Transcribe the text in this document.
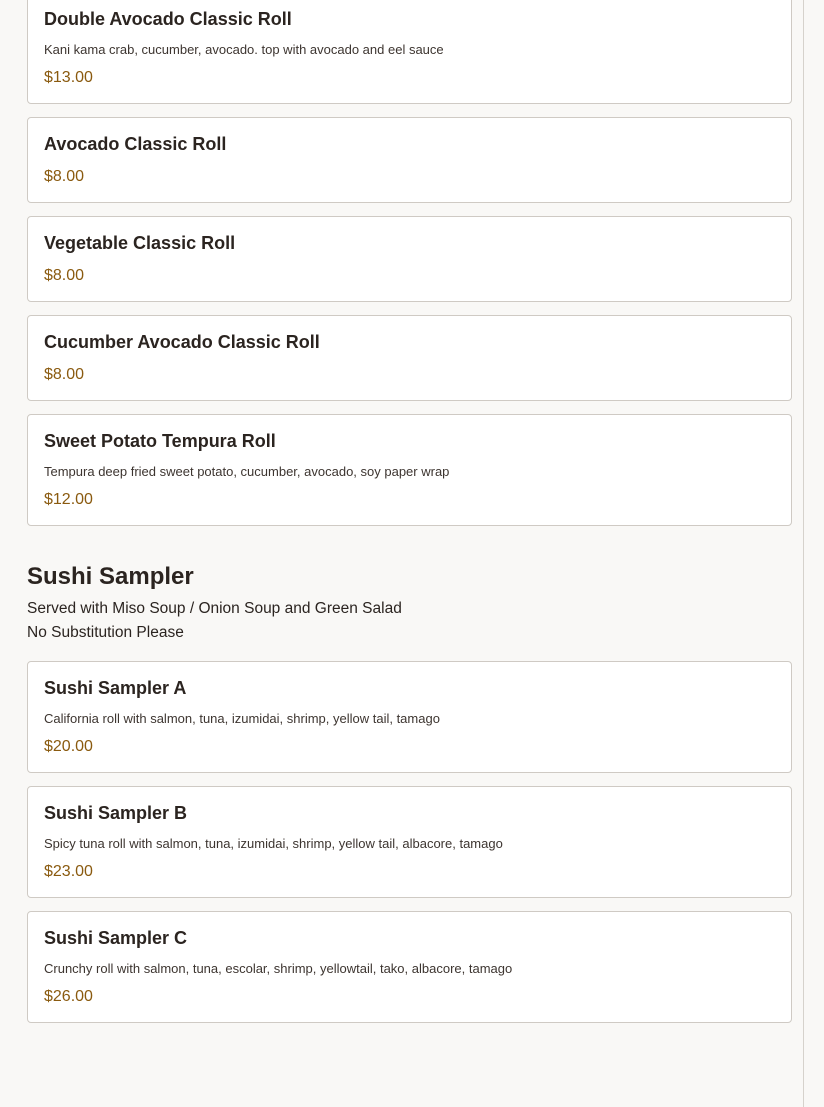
Double Avocado Classic Roll
Kani kama crab, cucumber, avocado. top with avocado and eel sauce
$13.00
Avocado Classic Roll
$8.00
Vegetable Classic Roll
$8.00
Cucumber Avocado Classic Roll
$8.00
Sweet Potato Tempura Roll
Tempura deep fried sweet potato, cucumber, avocado, soy paper wrap
$12.00
Sushi Sampler
Served with Miso Soup / Onion Soup and Green Salad
No Substitution Please
Sushi Sampler A
California roll with salmon, tuna, izumidai, shrimp, yellow tail, tamago
$20.00
Sushi Sampler B
Spicy tuna roll with salmon, tuna, izumidai, shrimp, yellow tail, albacore, tamago
$23.00
Sushi Sampler C
Crunchy roll with salmon, tuna, escolar, shrimp, yellowtail, tako, albacore, tamago
$26.00
